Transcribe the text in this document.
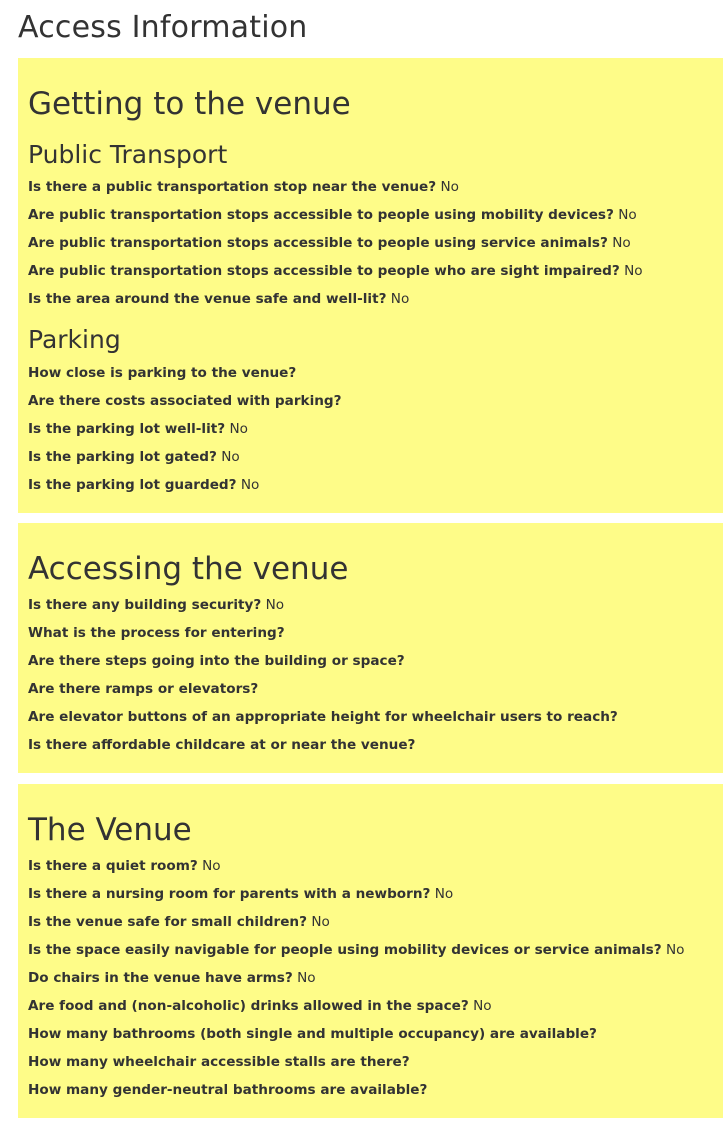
Access Information
Getting to the venue
Public Transport
Is there a public transportation stop near the venue? No
Are public transportation stops accessible to people using mobility devices? No
Are public transportation stops accessible to people using service animals? No
Are public transportation stops accessible to people who are sight impaired? No
Is the area around the venue safe and well-lit? No
Parking
How close is parking to the venue?
Are there costs associated with parking?
Is the parking lot well-lit? No
Is the parking lot gated? No
Is the parking lot guarded? No
Accessing the venue
Is there any building security? No
What is the process for entering?
Are there steps going into the building or space?
Are there ramps or elevators?
Are elevator buttons of an appropriate height for wheelchair users to reach?
Is there affordable childcare at or near the venue?
The Venue
Is there a quiet room? No
Is there a nursing room for parents with a newborn? No
Is the venue safe for small children? No
Is the space easily navigable for people using mobility devices or service animals? No
Do chairs in the venue have arms? No
Are food and (non-alcoholic) drinks allowed in the space? No
How many bathrooms (both single and multiple occupancy) are available?
How many wheelchair accessible stalls are there?
How many gender-neutral bathrooms are available?
